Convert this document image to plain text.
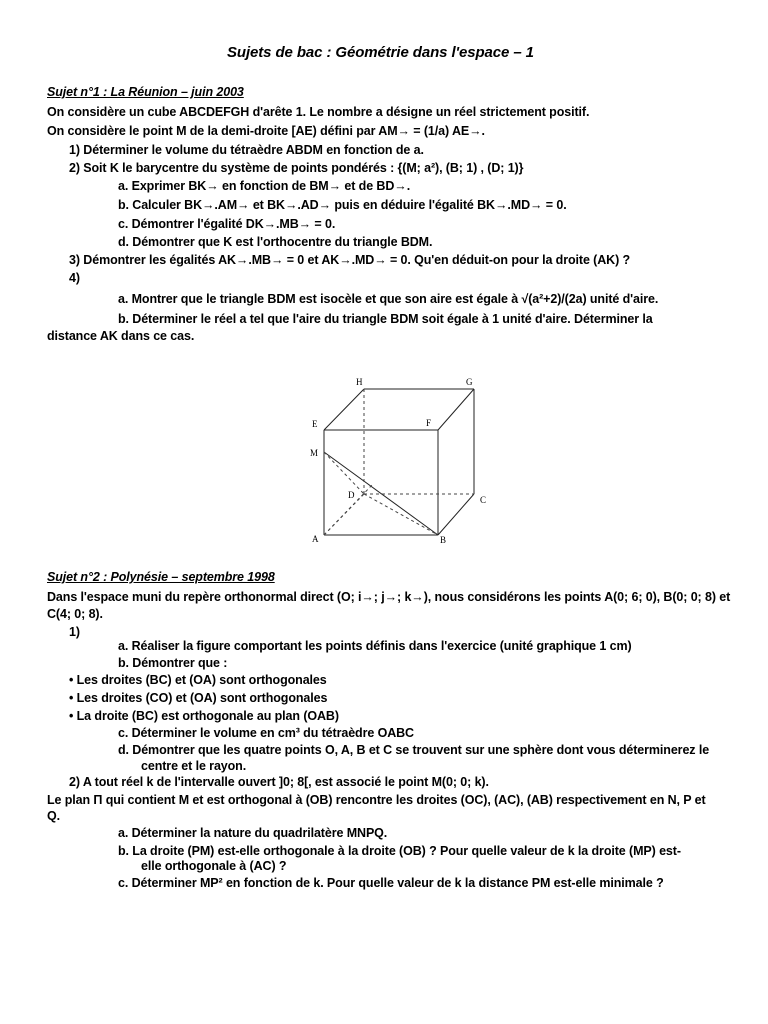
Sujets de bac : Géométrie dans l'espace – 1
Sujet n°1 : La Réunion – juin 2003
On considère un cube ABCDEFGH d'arête 1. Le nombre a désigne un réel strictement positif.
On considère le point M de la demi-droite [AE) défini par AM→ = (1/a) AE→.
1) Déterminer le volume du tétraèdre ABDM en fonction de a.
2) Soit K le barycentre du système de points pondérés : {(M; a²), (B; 1) , (D; 1)}
a. Exprimer BK→ en fonction de BM→ et de BD→.
b. Calculer BK→.AM→ et BK→.AD→ puis en déduire l'égalité BK→.MD→ = 0.
c. Démontrer l'égalité DK→.MB→ = 0.
d. Démontrer que K est l'orthocentre du triangle BDM.
3) Démontrer les égalités AK→.MB→ = 0 et AK→.MD→ = 0. Qu'en déduit-on pour la droite (AK) ?
4)
a. Montrer que le triangle BDM est isocèle et que son aire est égale à √(a²+2)/(2a) unité d'aire.
b. Déterminer le réel a tel que l'aire du triangle BDM soit égale à 1 unité d'aire. Déterminer la
distance AK dans ce cas.
H	G
E	F
M
D	C
A	B
Sujet n°2 : Polynésie – septembre 1998
Dans l'espace muni du repère orthonormal direct (O; i→; j→; k→), nous considérons les points A(0; 6; 0), B(0; 0; 8) et
C(4; 0; 8).
1)
a. Réaliser la figure comportant les points définis dans l'exercice (unité graphique 1 cm)
b. Démontrer que :
• Les droites (BC) et (OA) sont orthogonales
• Les droites (CO) et (OA) sont orthogonales
• La droite (BC) est orthogonale au plan (OAB)
c. Déterminer le volume en cm³ du tétraèdre OABC
d. Démontrer que les quatre points O, A, B et C se trouvent sur une sphère dont vous déterminerez le
centre et le rayon.
2) A tout réel k de l'intervalle ouvert ]0; 8[, est associé le point M(0; 0; k).
Le plan Π qui contient M et est orthogonal à (OB) rencontre les droites (OC), (AC), (AB) respectivement en N, P et
Q.
a. Déterminer la nature du quadrilatère MNPQ.
b. La droite (PM) est-elle orthogonale à la droite (OB) ? Pour quelle valeur de k la droite (MP) est-
elle orthogonale à (AC) ?
c. Déterminer MP² en fonction de k. Pour quelle valeur de k la distance PM est-elle minimale ?
